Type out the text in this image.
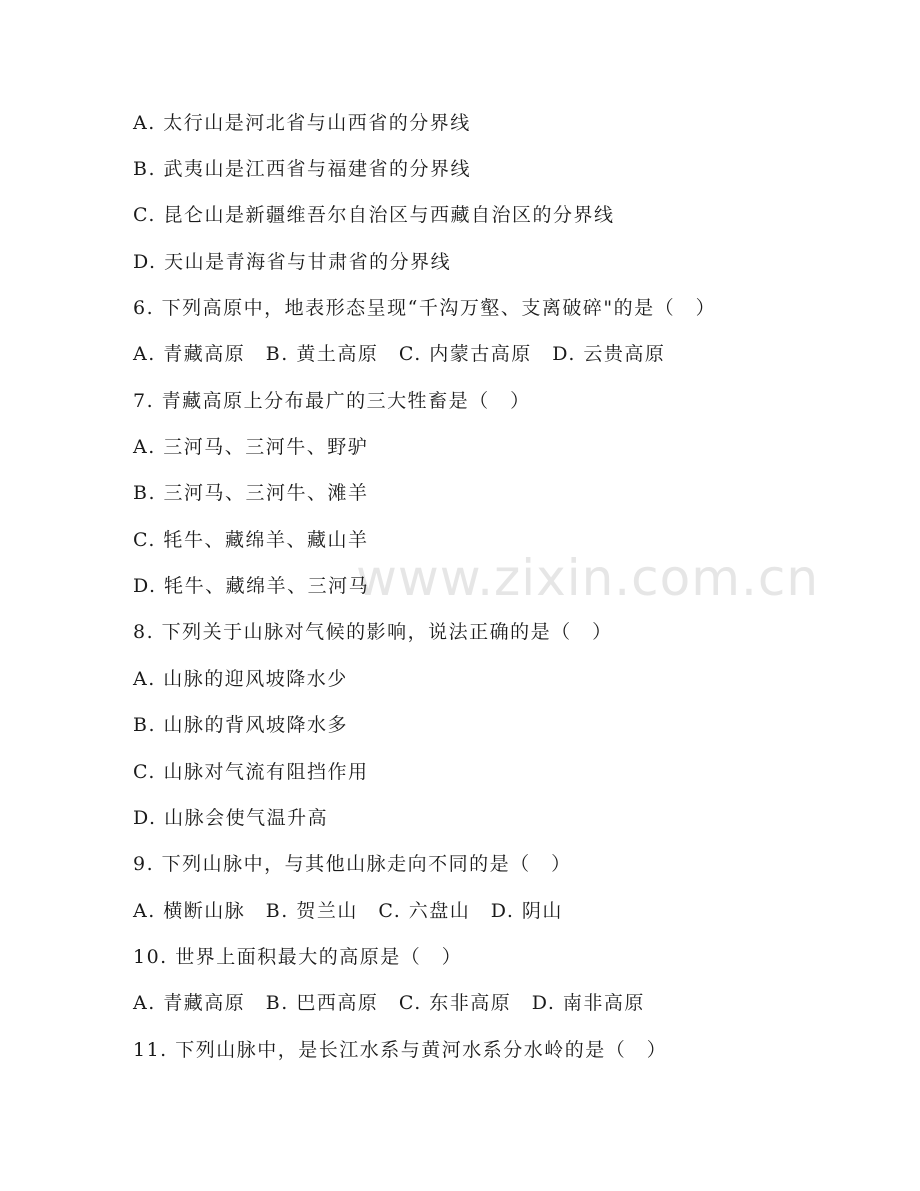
www.zixin.com.cn
A. 太行山是河北省与山西省的分界线
B. 武夷山是江西省与福建省的分界线
C. 昆仑山是新疆维吾尔自治区与西藏自治区的分界线
D. 天山是青海省与甘肃省的分界线
6. 下列高原中，地表形态呈现“千沟万壑、支离破碎"的是（　）
A. 青藏高原　B. 黄土高原　C. 内蒙古高原　D. 云贵高原
7. 青藏高原上分布最广的三大牲畜是（　）
A. 三河马、三河牛、野驴
B. 三河马、三河牛、滩羊
C. 牦牛、藏绵羊、藏山羊
D. 牦牛、藏绵羊、三河马
8. 下列关于山脉对气候的影响，说法正确的是（　）
A. 山脉的迎风坡降水少
B. 山脉的背风坡降水多
C. 山脉对气流有阻挡作用
D. 山脉会使气温升高
9. 下列山脉中，与其他山脉走向不同的是（　）
A. 横断山脉　B. 贺兰山　C. 六盘山　D. 阴山
10. 世界上面积最大的高原是（　）
A. 青藏高原　B. 巴西高原　C. 东非高原　D. 南非高原
11. 下列山脉中，是长江水系与黄河水系分水岭的是（　）
